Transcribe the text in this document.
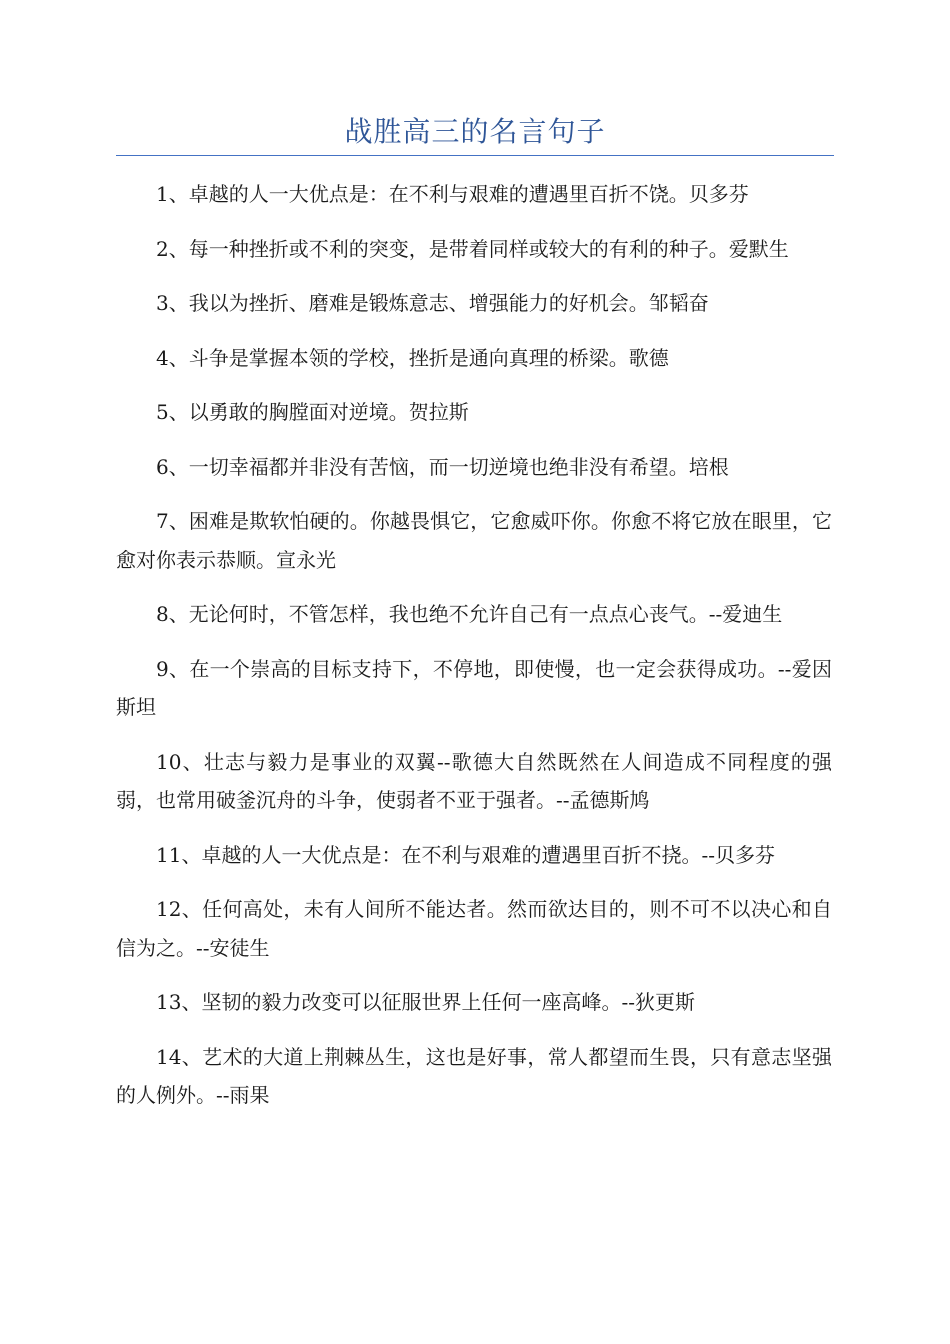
战胜高三的名言句子

1、卓越的人一大优点是：在不利与艰难的遭遇里百折不饶。贝多芬

2、每一种挫折或不利的突变，是带着同样或较大的有利的种子。爱默生

3、我以为挫折、磨难是锻炼意志、增强能力的好机会。邹韬奋

4、斗争是掌握本领的学校，挫折是通向真理的桥梁。歌德

5、以勇敢的胸膛面对逆境。贺拉斯

6、一切幸福都并非没有苦恼，而一切逆境也绝非没有希望。培根

7、困难是欺软怕硬的。你越畏惧它，它愈威吓你。你愈不将它放在眼里，它愈对你表示恭顺。宣永光

8、无论何时，不管怎样，我也绝不允许自己有一点点心丧气。--爱迪生

9、在一个崇高的目标支持下，不停地，即使慢，也一定会获得成功。--爱因斯坦

10、壮志与毅力是事业的双翼--歌德大自然既然在人间造成不同程度的强弱，也常用破釜沉舟的斗争，使弱者不亚于强者。--孟德斯鸠

11、卓越的人一大优点是：在不利与艰难的遭遇里百折不挠。--贝多芬

12、任何高处，未有人间所不能达者。然而欲达目的，则不可不以决心和自信为之。--安徒生

13、坚韧的毅力改变可以征服世界上任何一座高峰。--狄更斯

14、艺术的大道上荆棘丛生，这也是好事，常人都望而生畏，只有意志坚强的人例外。--雨果
